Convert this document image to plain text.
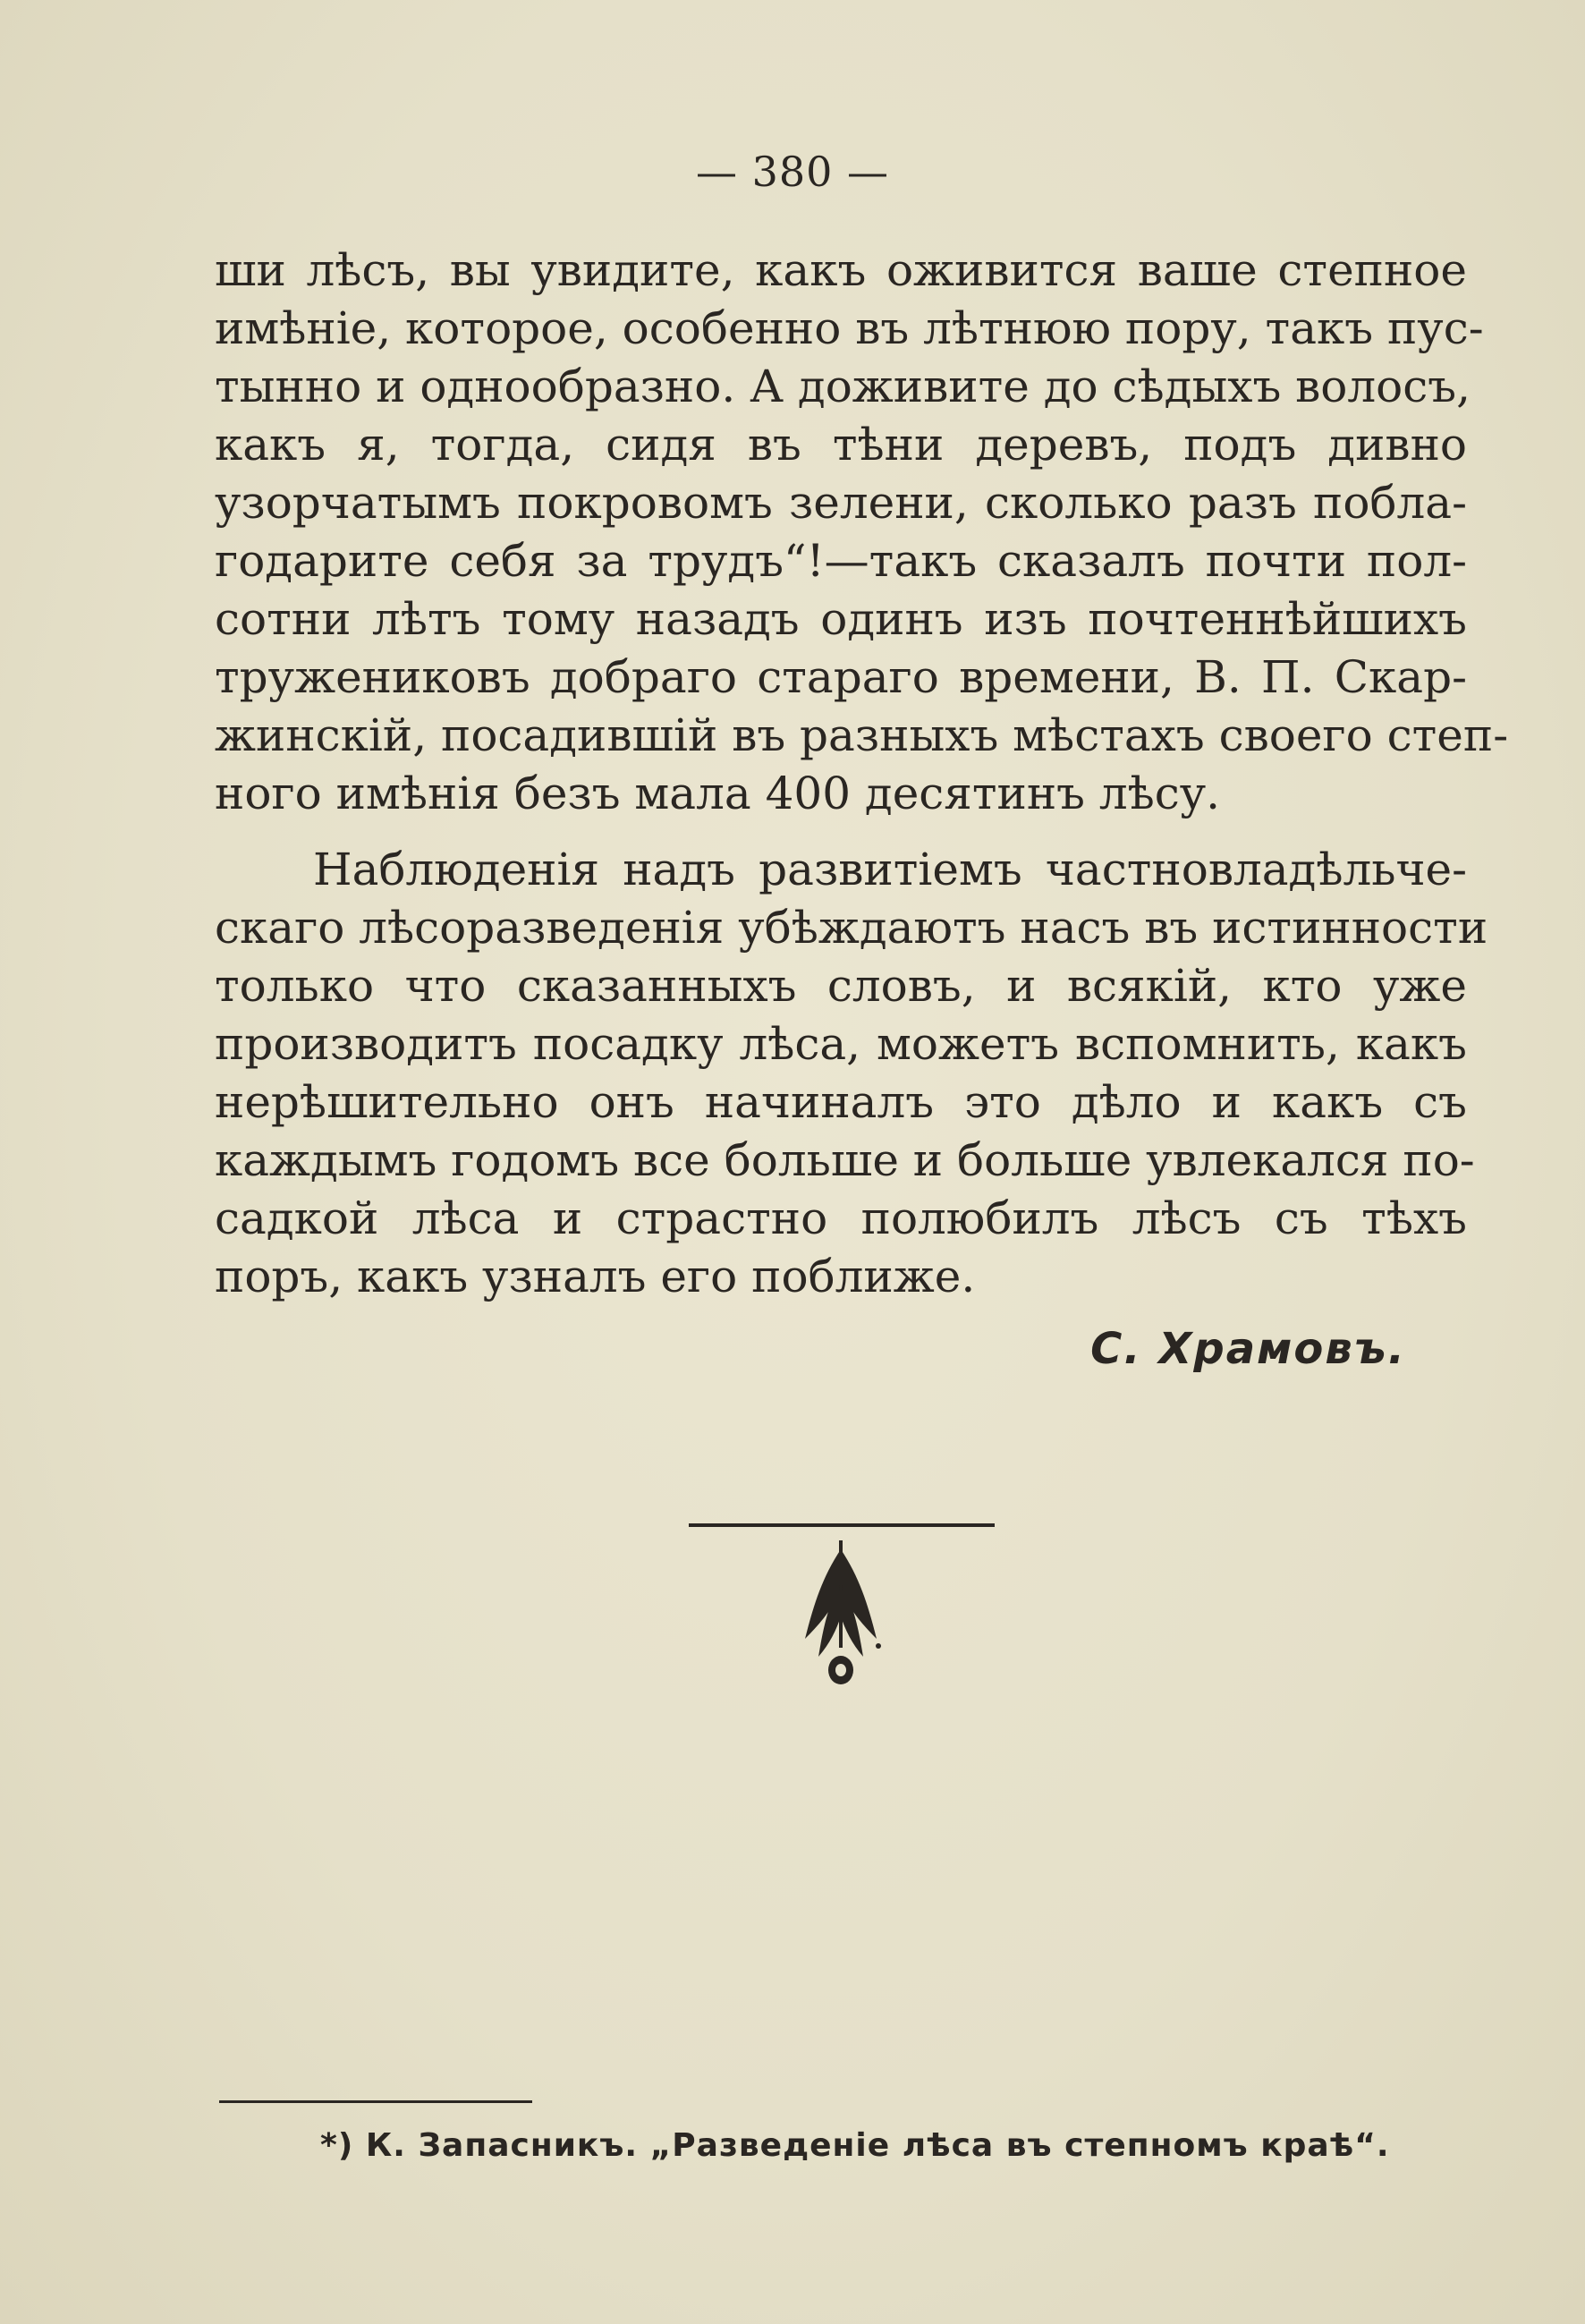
— 380 —
ши лѣсъ, вы увидите, какъ оживится ваше степное
имѣніе, которое, особенно въ лѣтнюю пору, такъ пус-
тынно и однообразно. А доживите до сѣдыхъ волосъ,
какъ я, тогда, сидя въ тѣни деревъ, подъ дивно
узорчатымъ покровомъ зелени, сколько разъ побла-
годарите себя за трудъ“!—такъ сказалъ почти пол-
сотни лѣтъ тому назадъ одинъ изъ почтеннѣйшихъ
тружениковъ добраго стараго времени, В. П. Скар-
жинскій, посадившій въ разныхъ мѣстахъ своего степ-
ного имѣнія безъ мала 400 десятинъ лѣсу.
Наблюденія надъ развитіемъ частновладѣльче-
скаго лѣсоразведенія убѣждаютъ насъ въ истинности
только что сказанныхъ словъ, и всякій, кто уже
производитъ посадку лѣса, можетъ вспомнить, какъ
нерѣшительно онъ начиналъ это дѣло и какъ съ
каждымъ годомъ все больше и больше увлекался по-
садкой лѣса и страстно полюбилъ лѣсъ съ тѣхъ
поръ, какъ узналъ его поближе.
С. Храмовъ.
*) К. Запасникъ. „Разведеніе лѣса въ степномъ краѣ“.
